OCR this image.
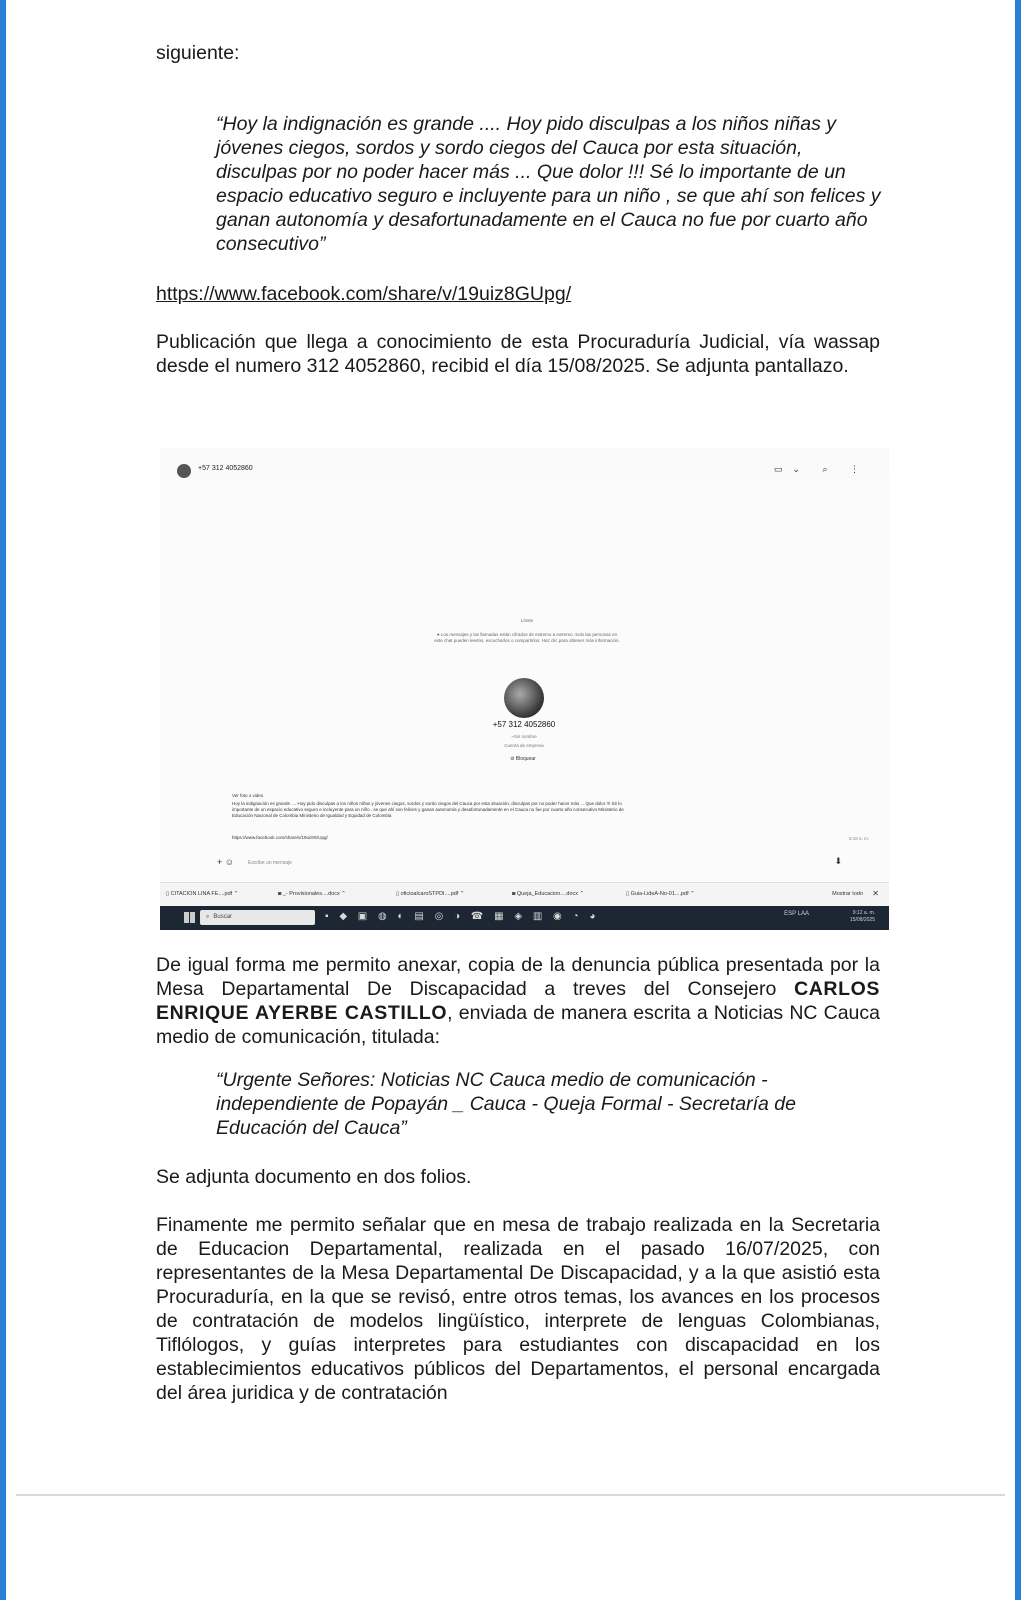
siguiente:
“Hoy la indignación es grande .... Hoy pido disculpas a los niños niñas y jóvenes ciegos, sordos y sordo ciegos del Cauca por esta situación, disculpas por no poder hacer más ... Que dolor !!! Sé lo importante de un espacio educativo seguro e incluyente para un niño , se que ahí son felices y ganan autonomía y desafortunadamente en el Cauca no fue por cuarto año consecutivo”
https://www.facebook.com/share/v/19uiz8GUpg/
Publicación que llega a conocimiento de esta Procuraduría Judicial, vía wassap desde el numero 312 4052860, recibid el día 15/08/2025. Se adjunta pantallazo.
+57 312 4052860	▭⌄ ⌕ ⋮
Límite
● Los mensajes y las llamadas están cifrados de extremo a extremo. Solo las personas en este chat pueden leerlos, escucharlos o compartirlos. Haz clic para obtener más información.
+57 312 4052860
~Sin nombre
Cuenta de empresa
⊘ Bloquear
Ver foto o video
Hoy la indignación es grande .... Hoy pido disculpas a los niños niñas y jóvenes ciegos, sordos y sordo ciegos del Cauca por esta situación, disculpas por no poder hacer más ... Que dolor !!! Sé lo importante de un espacio educativo seguro e incluyente para un niño , se que ahí son felices y ganan autonomía y desafortunadamente en el Cauca no fue por cuarto año consecutivo Ministerio de Educación Nacional de Colombia Ministerio de Igualdad y Equidad de Colombia
https://www.facebook.com/share/v/19uiz8GUpg/	8:18 a. m.
+ ☺	Escribe un mensaje	⬇
▯ CITACION LINA FE....pdf ⌃	◙ _- Provisionales....docx ⌃	▯ oficioalcaroSTPDI....pdf ⌃	◙ Queja_Educacion....docx ⌃	▯ Guia-LideA-No-01....pdf ⌃	Mostrar todo ✕
⌕ Buscar	▪ ◆ ▣ ◍ ◐ ▤ ◎ ◑ ☎ ▦ ◈ ▥ ◉ ◔ ◕	ESP LAA	9:12 a. m.
15/08/2025
De igual forma me permito anexar, copia de la denuncia pública presentada por la Mesa Departamental De Discapacidad a treves del Consejero CARLOS ENRIQUE AYERBE CASTILLO, enviada de manera escrita a Noticias NC Cauca medio de comunicación, titulada:
“Urgente Señores: Noticias NC Cauca medio de comunicación - independiente de Popayán _ Cauca - Queja Formal - Secretaría de Educación del Cauca”
Se adjunta documento en dos folios.
Finamente me permito señalar que en mesa de trabajo realizada en la Secretaria de Educacion Departamental, realizada en el pasado 16/07/2025, con representantes de la Mesa Departamental De Discapacidad, y a la que asistió esta Procuraduría, en la que se revisó, entre otros temas, los avances en los procesos de contratación de modelos lingüístico, interprete de lenguas Colombianas, Tiflólogos, y guías interpretes para estudiantes con discapacidad en los establecimientos educativos públicos del Departamentos, el personal encargada del área juridica y de contratación
